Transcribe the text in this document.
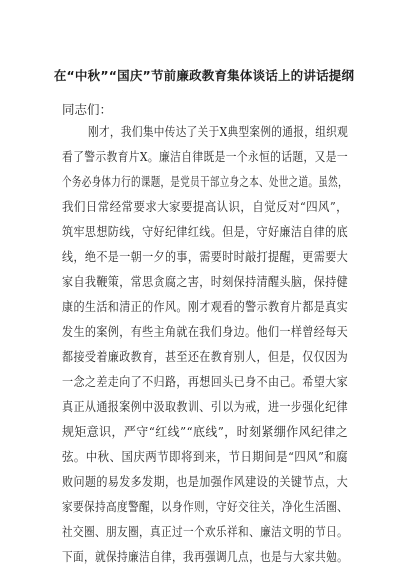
在“中秋”“国庆”节前廉政教育集体谈话上的讲话提纲
同志们：
刚才，我们集中传达了关于X典型案例的通报，组织观
看了警示教育片X。廉洁自律既是一个永恒的话题，又是一
个务必身体力行的课题，是党员干部立身之本、处世之道。虽然，
我们日常经常要求大家要提高认识，自觉反对“四风”，
筑牢思想防线，守好纪律红线。但是，守好廉洁自律的底
线，绝不是一朝一夕的事，需要时时敲打提醒，更需要大
家自我鞭策，常思贪腐之害，时刻保持清醒头脑，保持健
康的生活和清正的作风。刚才观看的警示教育片都是真实
发生的案例，有些主角就在我们身边。他们一样曾经每天
都接受着廉政教育，甚至还在教育别人，但是，仅仅因为
一念之差走向了不归路，再想回头已身不由己。希望大家
真正从通报案例中汲取教训、引以为戒，进一步强化纪律
规矩意识，严守“红线”“底线”，时刻紧绷作风纪律之
弦。中秋、国庆两节即将到来，节日期间是“四风”和腐
败问题的易发多发期，也是加强作风建设的关键节点，大
家要保持高度警醒，以身作则，守好交往关，净化生活圈、
社交圈、朋友圈，真正过一个欢乐祥和、廉洁文明的节日。
下面，就保持廉洁自律，我再强调几点，也是与大家共勉。
